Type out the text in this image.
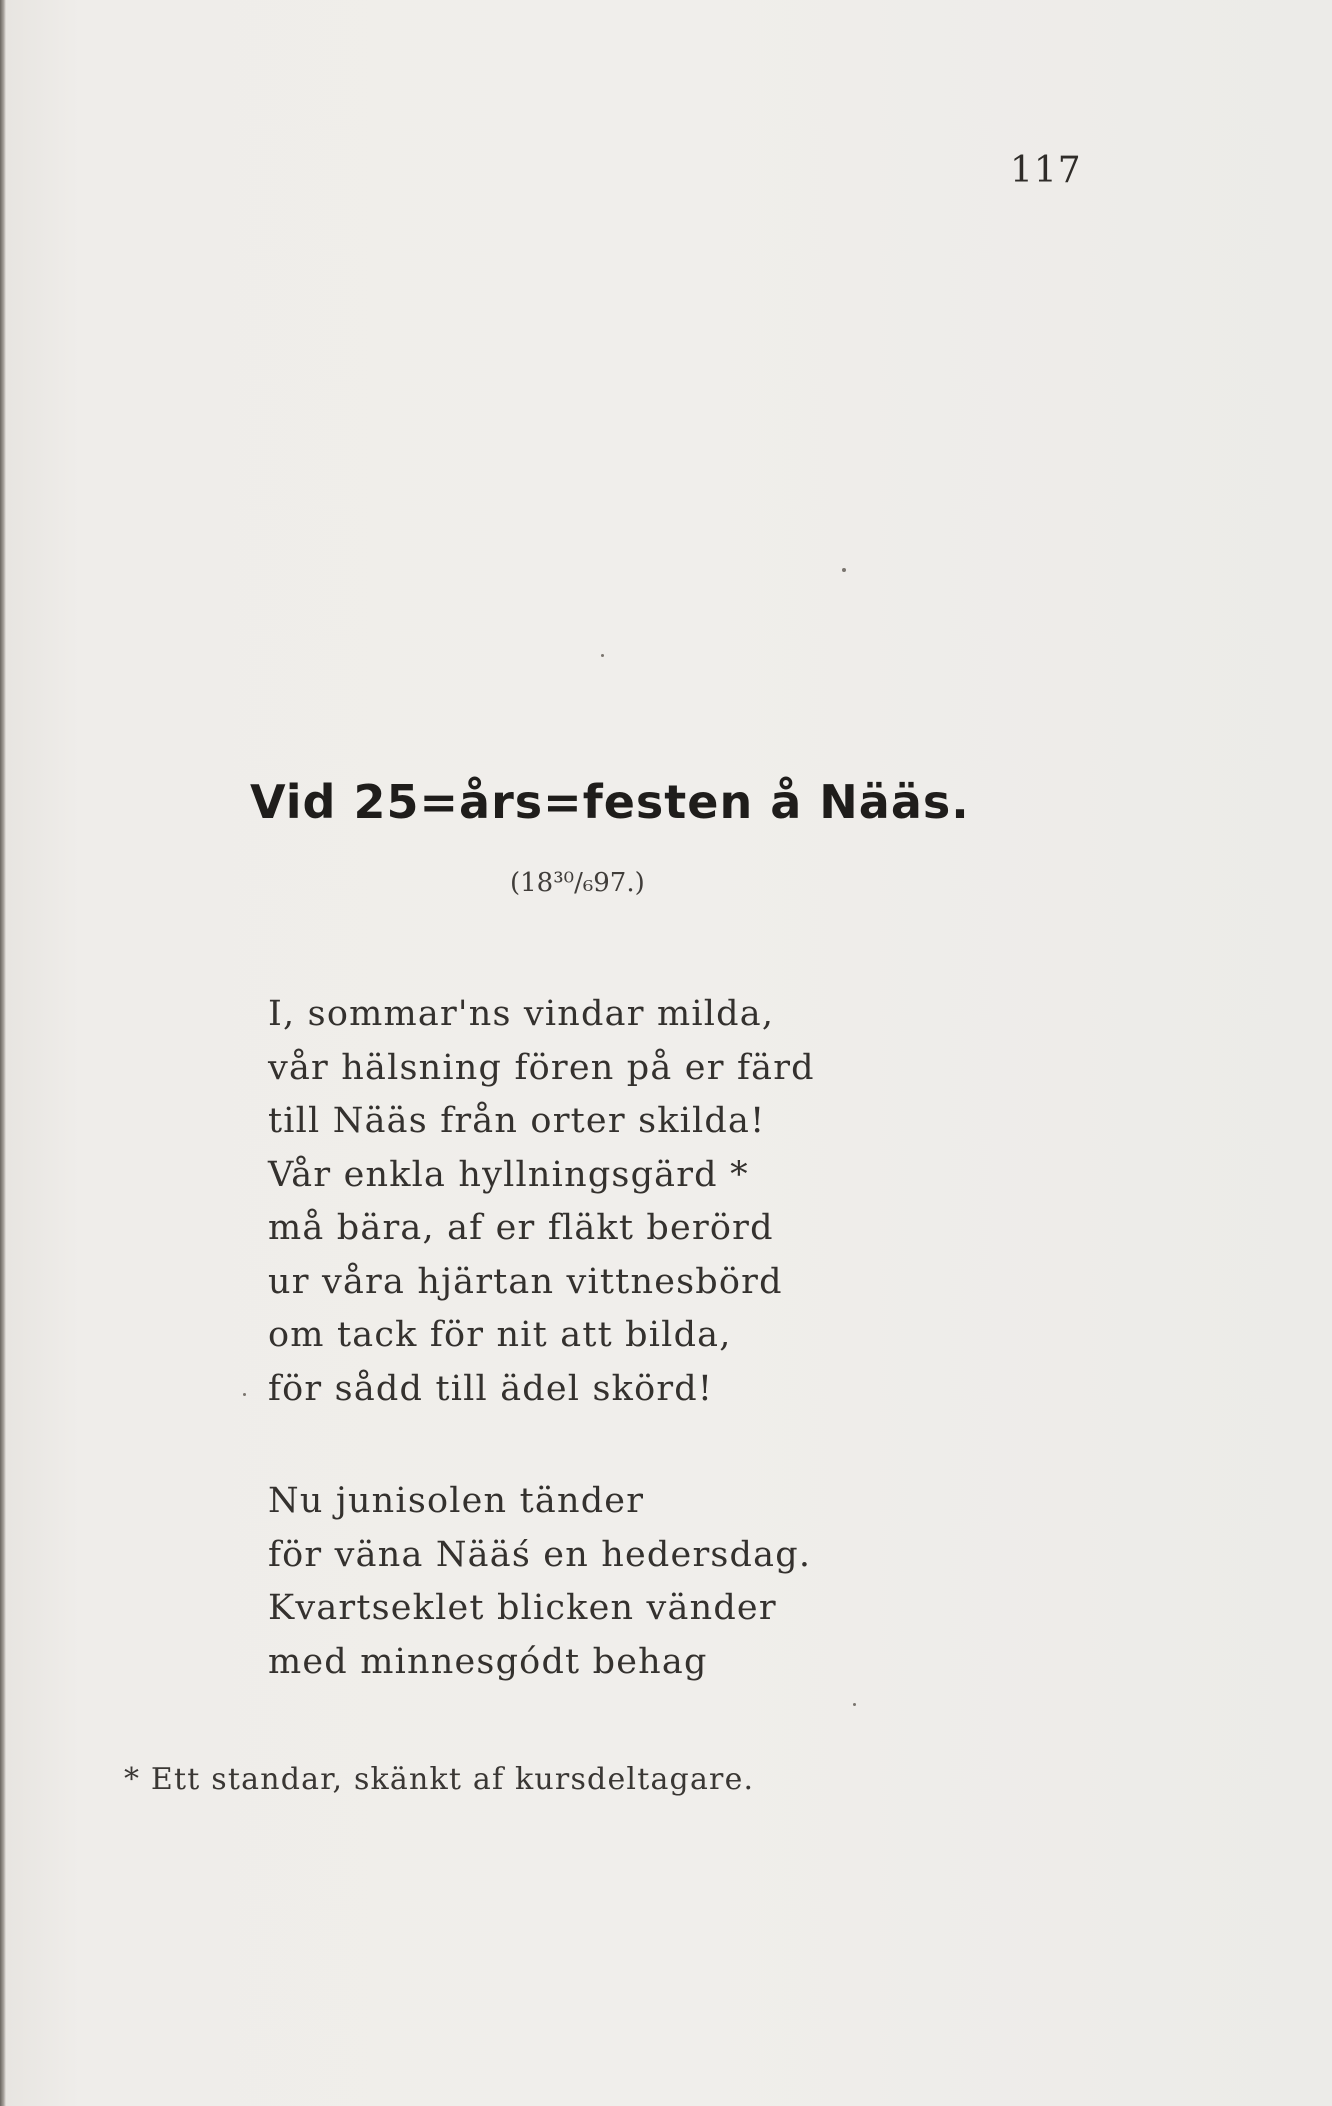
117
Vid 25=års=festen å Nääs.
(18³⁰/₆97.)
I, sommar'ns vindar milda,
vår hälsning fören på er färd
till Nääs från orter skilda!
Vår enkla hyllningsgärd *
må bära, af er fläkt berörd
ur våra hjärtan vittnesbörd
om tack för nit att bilda,
för sådd till ädel skörd!
Nu junisolen tänder
för väna Nääś en hedersdag.
Kvartseklet blicken vänder
med minnesgódt behag
* Ett standar, skänkt af kursdeltagare.
